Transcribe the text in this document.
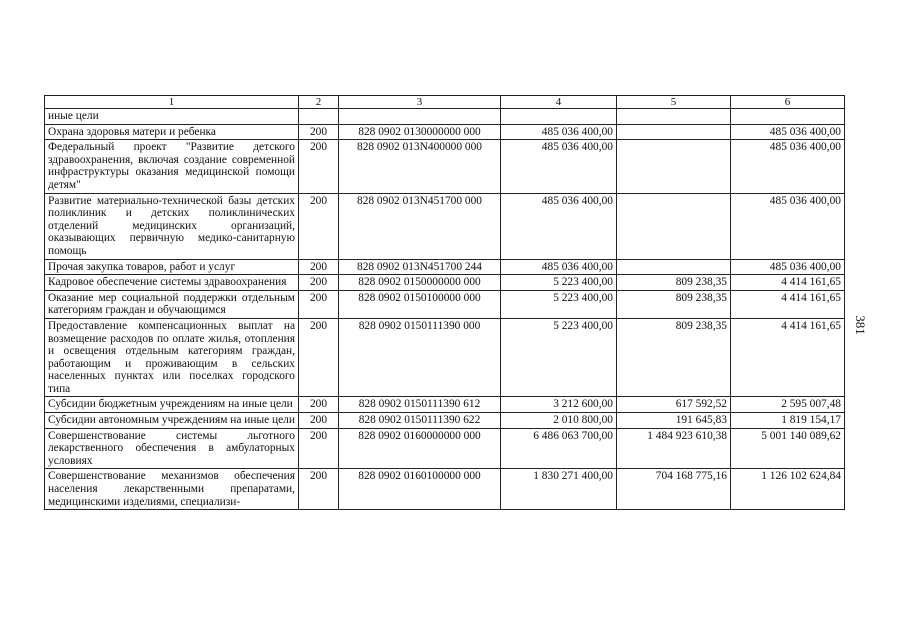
1	2	3	4	5	6
иные цели					
Охрана здоровья матери и ребенка	200	828 0902 0130000000 000	485 036 400,00		485 036 400,00
Федеральный проект "Развитие детского здравоохранения, включая создание современной инфраструктуры оказания медицинской помощи детям"	200	828 0902 013N400000 000	485 036 400,00		485 036 400,00
Развитие материально-технической базы детских поликлиник и детских поликлинических отделений медицинских организаций, оказывающих первичную медико-санитарную помощь	200	828 0902 013N451700 000	485 036 400,00		485 036 400,00
Прочая закупка товаров, работ и услуг	200	828 0902 013N451700 244	485 036 400,00		485 036 400,00
Кадровое обеспечение системы здравоохранения	200	828 0902 0150000000 000	5 223 400,00	809 238,35	4 414 161,65
Оказание мер социальной поддержки отдельным категориям граждан и обучающимся	200	828 0902 0150100000 000	5 223 400,00	809 238,35	4 414 161,65
Предоставление компенсационных выплат на возмещение расходов по оплате жилья, отопления и освещения отдельным категориям граждан, работающим и проживающим в сельских населенных пунктах или поселках городского типа	200	828 0902 0150111390 000	5 223 400,00	809 238,35	4 414 161,65
Субсидии бюджетным учреждениям на иные цели	200	828 0902 0150111390 612	3 212 600,00	617 592,52	2 595 007,48
Субсидии автономным учреждениям на иные цели	200	828 0902 0150111390 622	2 010 800,00	191 645,83	1 819 154,17
Совершенствование системы льготного лекарственного обеспечения в амбулаторных условиях	200	828 0902 0160000000 000	6 486 063 700,00	1 484 923 610,38	5 001 140 089,62
Совершенствование механизмов обеспечения населения лекарственными препаратами, медицинскими изделиями, специализи-	200	828 0902 0160100000 000	1 830 271 400,00	704 168 775,16	1 126 102 624,84
381
